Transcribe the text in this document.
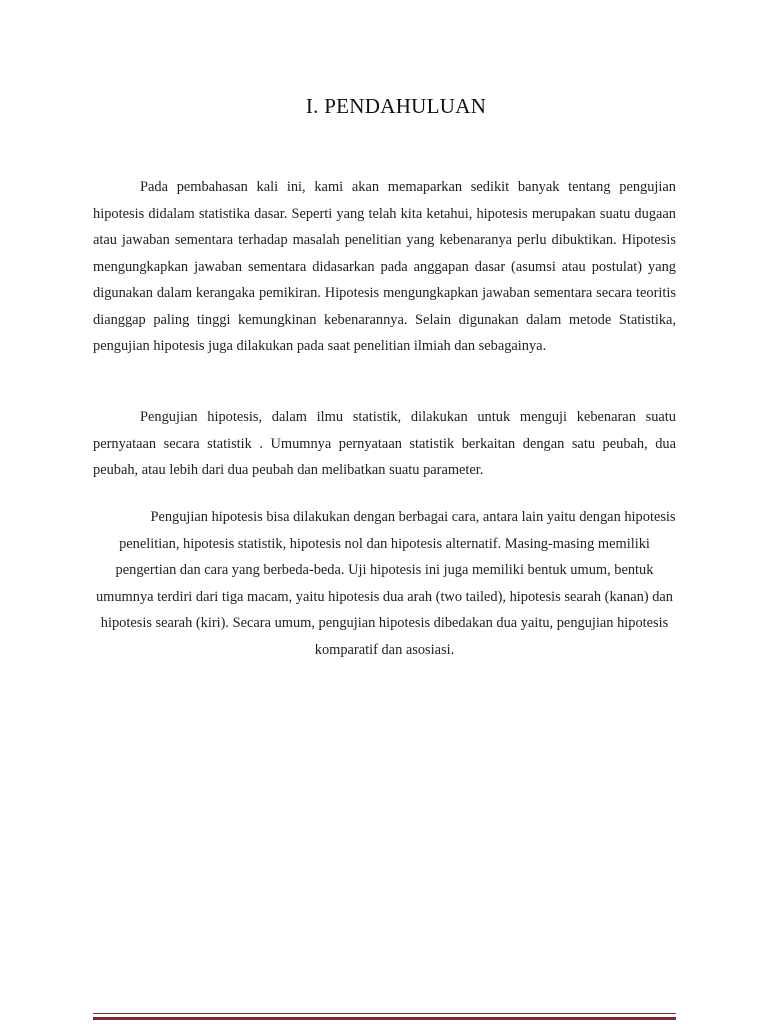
I. PENDAHULUAN

Pada pembahasan kali ini, kami akan memaparkan sedikit banyak tentang pengujian hipotesis didalam statistika dasar. Seperti yang telah kita ketahui, hipotesis merupakan suatu dugaan atau jawaban sementara terhadap masalah penelitian yang kebenaranya perlu dibuktikan. Hipotesis mengungkapkan jawaban sementara didasarkan pada anggapan dasar (asumsi atau postulat) yang digunakan dalam kerangaka pemikiran. Hipotesis mengungkapkan jawaban sementara secara teoritis dianggap paling tinggi kemungkinan kebenarannya. Selain digunakan dalam metode Statistika, pengujian hipotesis juga dilakukan pada saat penelitian ilmiah dan sebagainya.

Pengujian hipotesis, dalam ilmu statistik, dilakukan untuk menguji kebenaran suatu pernyataan secara statistik . Umumnya pernyataan statistik berkaitan dengan satu peubah, dua peubah, atau lebih dari dua peubah dan melibatkan suatu parameter.

Pengujian hipotesis bisa dilakukan dengan berbagai cara, antara lain yaitu dengan hipotesis penelitian, hipotesis statistik, hipotesis nol dan hipotesis alternatif. Masing-masing memiliki pengertian dan cara yang berbeda-beda. Uji hipotesis ini juga memiliki bentuk umum, bentuk umumnya terdiri dari tiga macam, yaitu hipotesis dua arah (two tailed), hipotesis searah (kanan) dan hipotesis searah (kiri). Secara umum, pengujian hipotesis dibedakan dua yaitu, pengujian hipotesis komparatif dan asosiasi.
